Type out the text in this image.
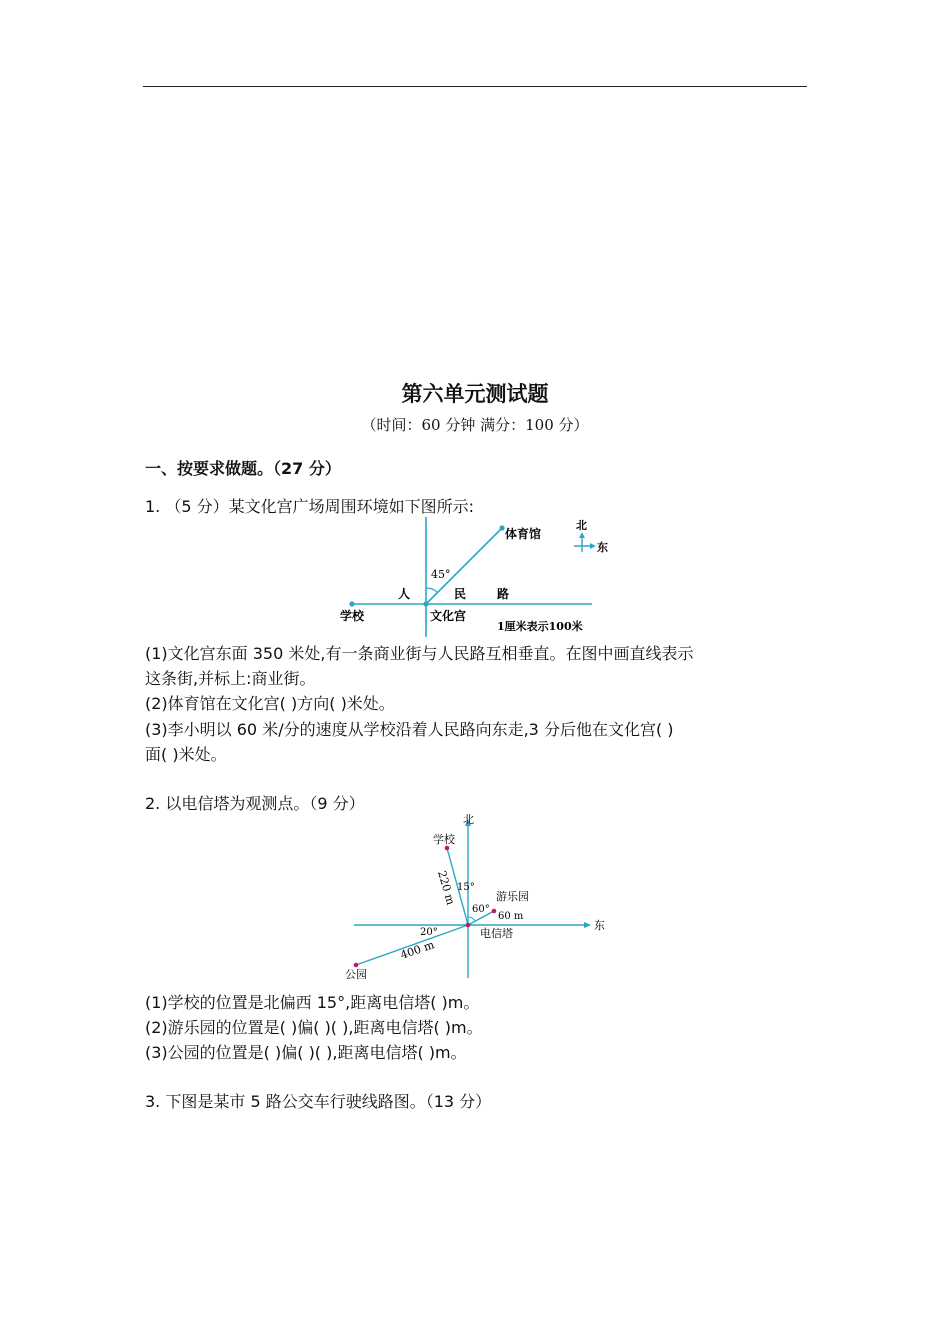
第六单元测试题
（时间：60 分钟 满分：100 分）
一、按要求做题。（27 分）
1. （5 分）某文化宫广场周围环境如下图所示:
体育馆
45°
人	民	路
学校	文化宫
1厘米表示100米
北
东
(1)文化宫东面 350 米处,有一条商业街与人民路互相垂直。在图中画直线表示
这条街,并标上:商业街。
(2)体育馆在文化宫( )方向( )米处。
(3)李小明以 60 米/分的速度从学校沿着人民路向东走,3 分后他在文化宫( )
面( )米处。
2. 以电信塔为观测点。（9 分）
北
东
学校
220 m 15°
游乐园
60 m
60°
公园
400 m
20°	电信塔
(1)学校的位置是北偏西 15°,距离电信塔( )m。
(2)游乐园的位置是( )偏( )( ),距离电信塔( )m。
(3)公园的位置是( )偏( )( ),距离电信塔( )m。
3. 下图是某市 5 路公交车行驶线路图。（13 分）
